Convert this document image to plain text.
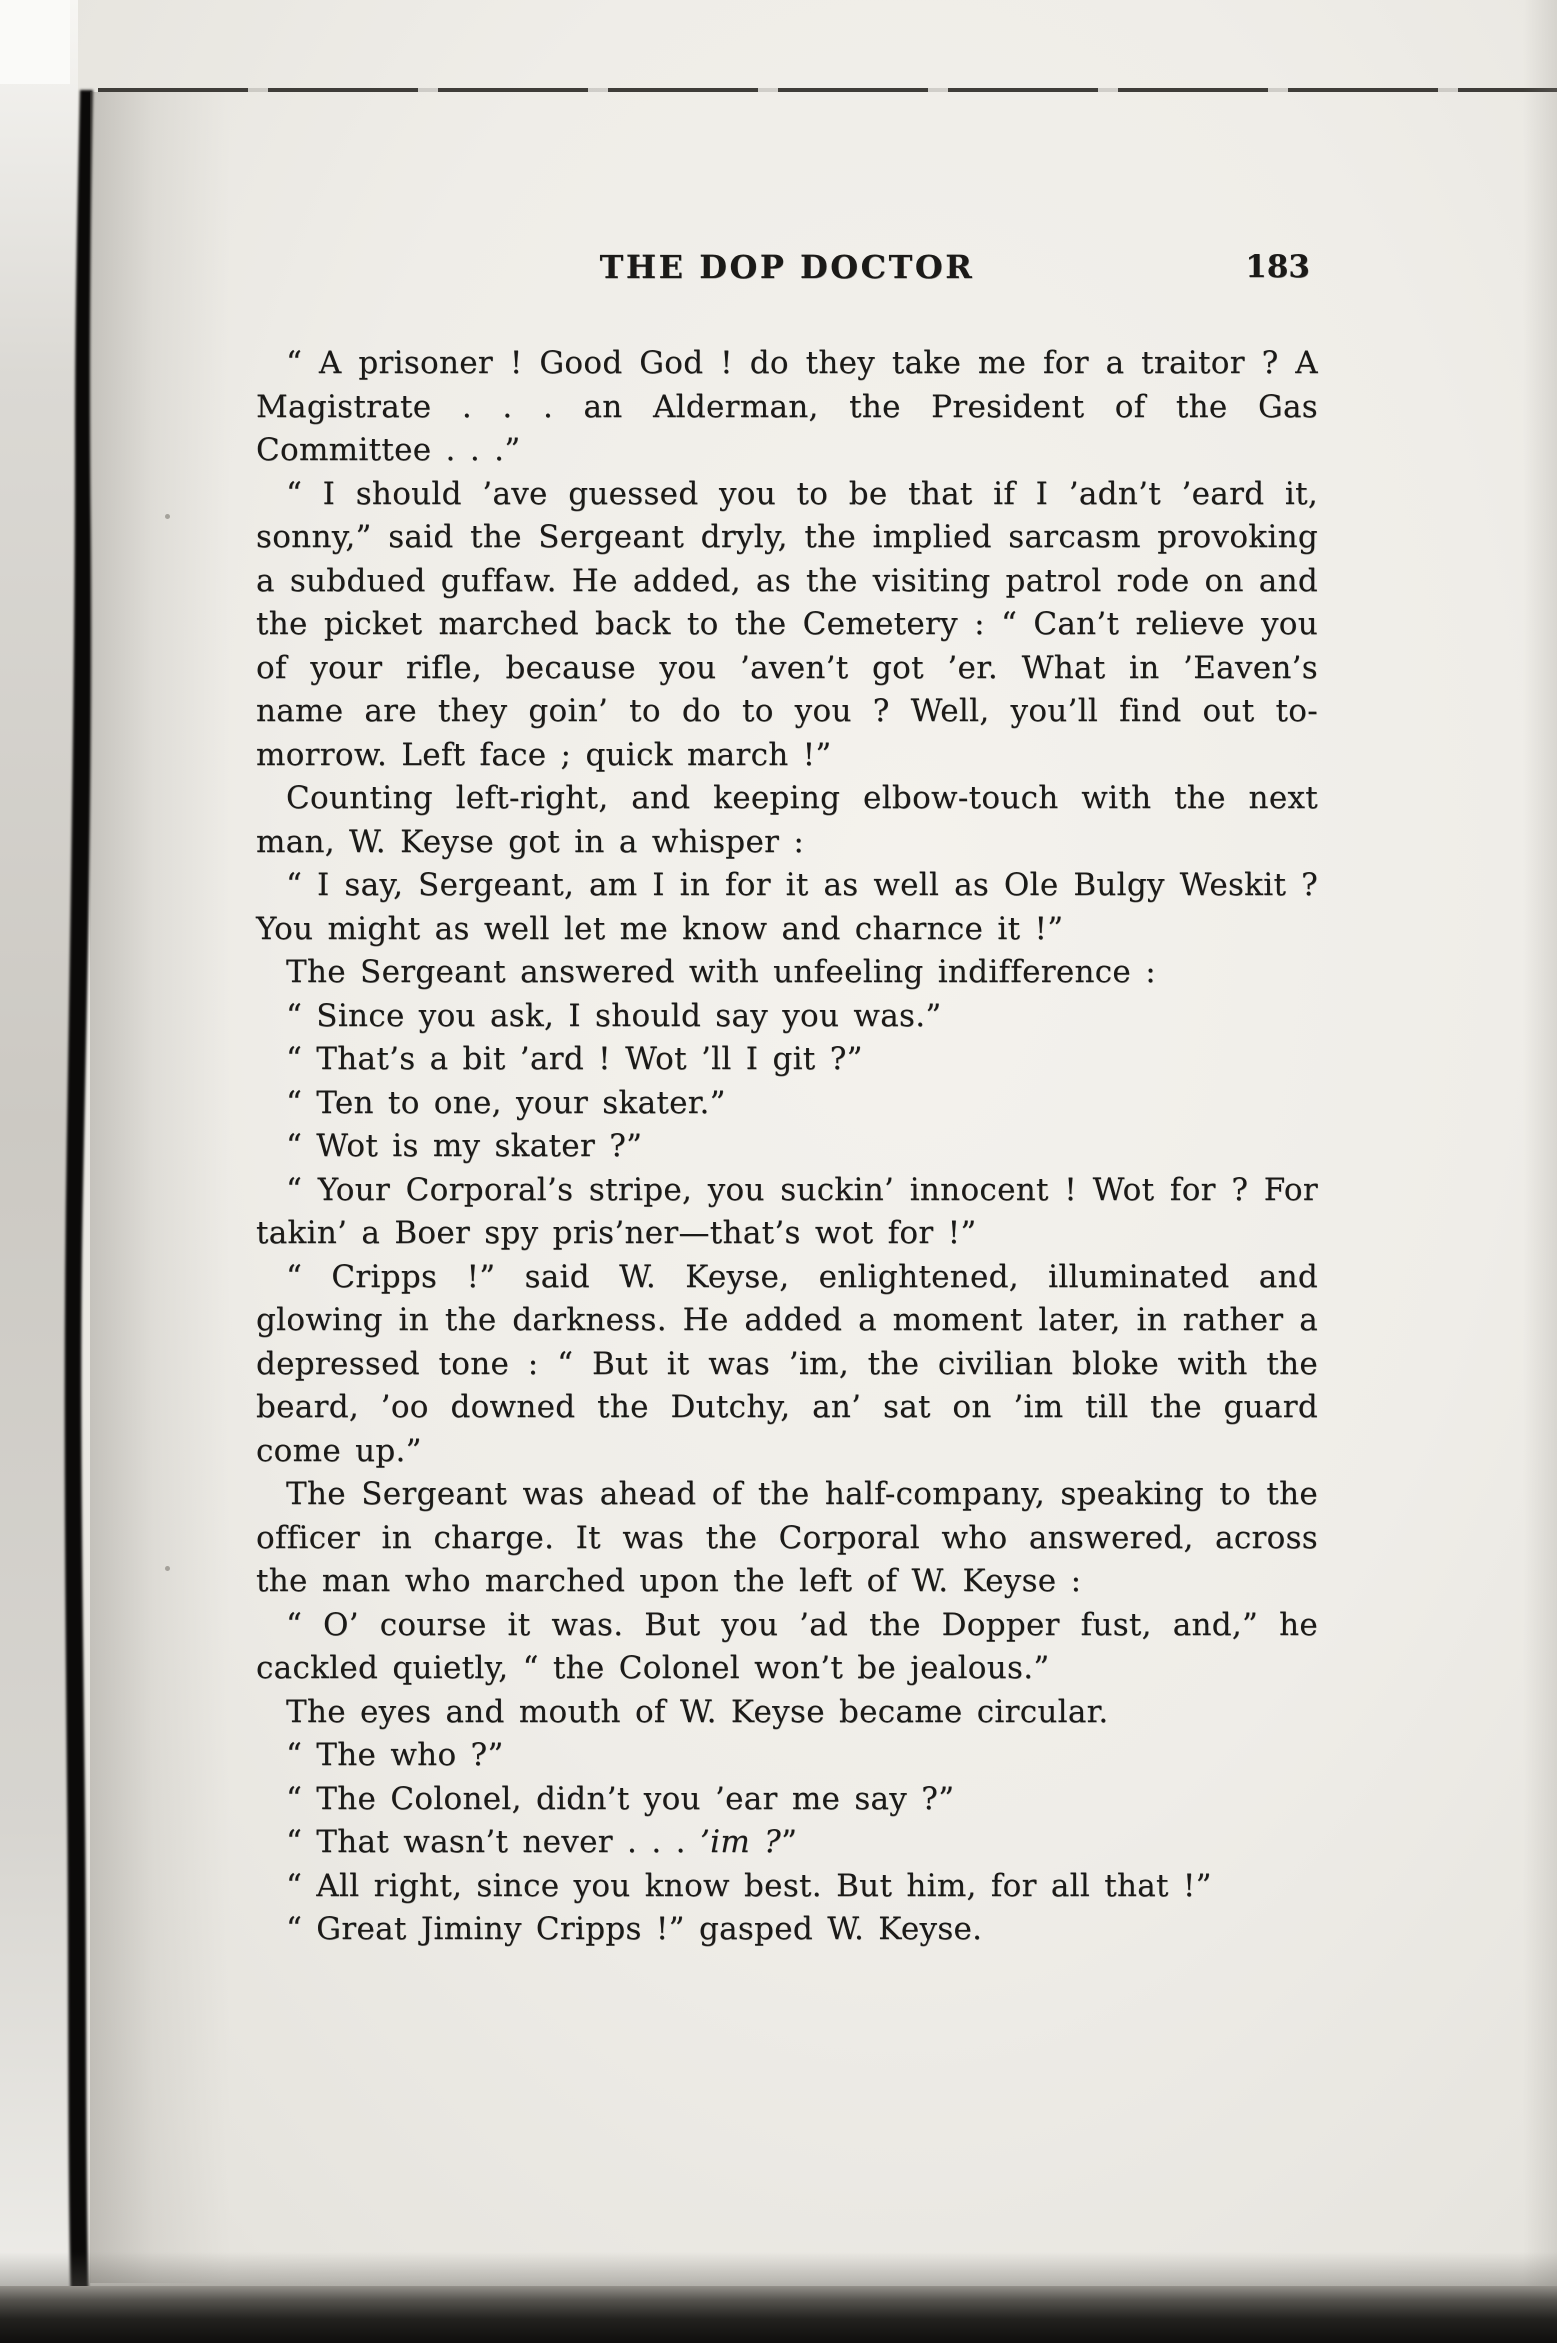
THE DOP DOCTOR	183

“ A prisoner ! Good God ! do they take me for a traitor ? A Magistrate . . . an Alderman, the President of the Gas Committee . . .”

“ I should ’ave guessed you to be that if I ’adn’t ’eard it, sonny,” said the Sergeant dryly, the implied sarcasm provoking a subdued guffaw. He added, as the visiting patrol rode on and the picket marched back to the Cemetery : “ Can’t relieve you of your rifle, because you ’aven’t got ’er. What in ’Eaven’s name are they goin’ to do to you ? Well, you’ll find out to-morrow. Left face ; quick march !”

Counting left-right, and keeping elbow-touch with the next man, W. Keyse got in a whisper :

“ I say, Sergeant, am I in for it as well as Ole Bulgy Weskit ? You might as well let me know and charnce it !”

The Sergeant answered with unfeeling indifference :

“ Since you ask, I should say you was.”

“ That’s a bit ’ard ! Wot ’ll I git ?”

“ Ten to one, your skater.”

“ Wot is my skater ?”

“ Your Corporal’s stripe, you suckin’ innocent ! Wot for ? For takin’ a Boer spy pris’ner—that’s wot for !”

“ Cripps !” said W. Keyse, enlightened, illuminated and glowing in the darkness. He added a moment later, in rather a depressed tone : “ But it was ’im, the civilian bloke with the beard, ’oo downed the Dutchy, an’ sat on ’im till the guard come up.”

The Sergeant was ahead of the half-company, speaking to the officer in charge. It was the Corporal who answered, across the man who marched upon the left of W. Keyse :

“ O’ course it was. But you ’ad the Dopper fust, and,” he cackled quietly, “ the Colonel won’t be jealous.”

The eyes and mouth of W. Keyse became circular.

“ The who ?”

“ The Colonel, didn’t you ’ear me say ?”

“ That wasn’t never . . . ’im ?”

“ All right, since you know best. But him, for all that !”

“ Great Jiminy Cripps !” gasped W. Keyse.
